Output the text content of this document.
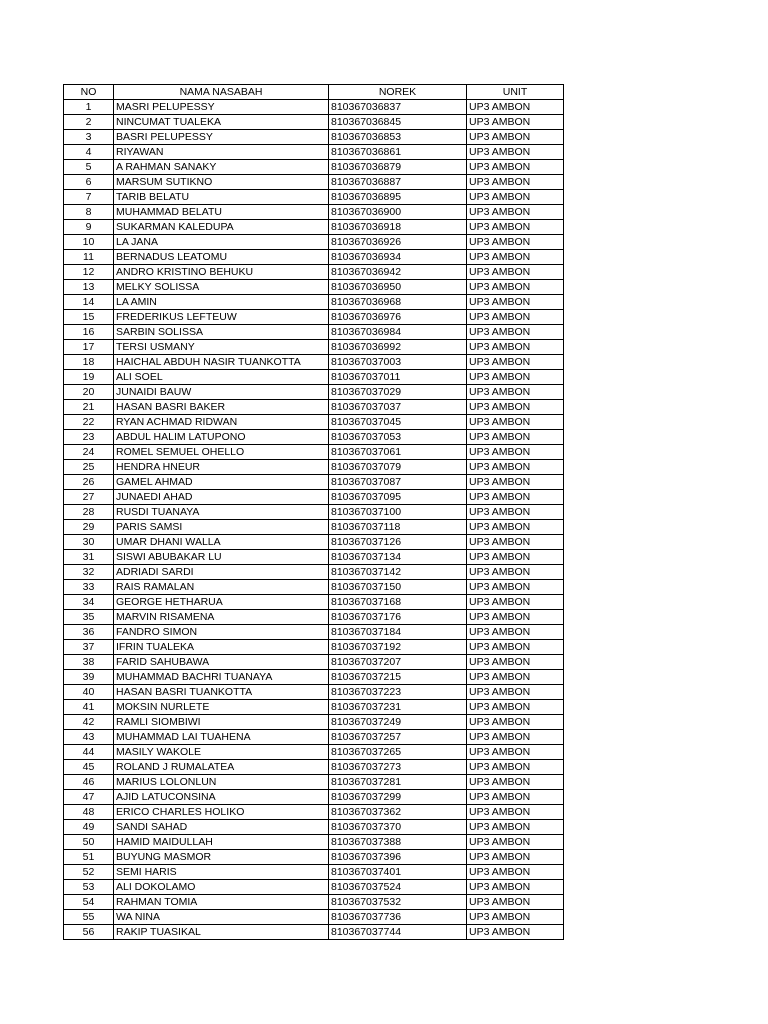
NO	NAMA NASABAH	NOREK	UNIT
1	MASRI PELUPESSY	810367036837	UP3 AMBON
2	NINCUMAT TUALEKA	810367036845	UP3 AMBON
3	BASRI PELUPESSY	810367036853	UP3 AMBON
4	RIYAWAN	810367036861	UP3 AMBON
5	A RAHMAN SANAKY	810367036879	UP3 AMBON
6	MARSUM SUTIKNO	810367036887	UP3 AMBON
7	TARIB BELATU	810367036895	UP3 AMBON
8	MUHAMMAD BELATU	810367036900	UP3 AMBON
9	SUKARMAN KALEDUPA	810367036918	UP3 AMBON
10	LA JANA	810367036926	UP3 AMBON
11	BERNADUS LEATOMU	810367036934	UP3 AMBON
12	ANDRO KRISTINO BEHUKU	810367036942	UP3 AMBON
13	MELKY SOLISSA	810367036950	UP3 AMBON
14	LA AMIN	810367036968	UP3 AMBON
15	FREDERIKUS LEFTEUW	810367036976	UP3 AMBON
16	SARBIN SOLISSA	810367036984	UP3 AMBON
17	TERSI USMANY	810367036992	UP3 AMBON
18	HAICHAL ABDUH NASIR TUANKOTTA	810367037003	UP3 AMBON
19	ALI SOEL	810367037011	UP3 AMBON
20	JUNAIDI BAUW	810367037029	UP3 AMBON
21	HASAN BASRI BAKER	810367037037	UP3 AMBON
22	RYAN ACHMAD RIDWAN	810367037045	UP3 AMBON
23	ABDUL HALIM LATUPONO	810367037053	UP3 AMBON
24	ROMEL SEMUEL OHELLO	810367037061	UP3 AMBON
25	HENDRA HNEUR	810367037079	UP3 AMBON
26	GAMEL AHMAD	810367037087	UP3 AMBON
27	JUNAEDI AHAD	810367037095	UP3 AMBON
28	RUSDI TUANAYA	810367037100	UP3 AMBON
29	PARIS SAMSI	810367037118	UP3 AMBON
30	UMAR DHANI WALLA	810367037126	UP3 AMBON
31	SISWI ABUBAKAR LU	810367037134	UP3 AMBON
32	ADRIADI SARDI	810367037142	UP3 AMBON
33	RAIS RAMALAN	810367037150	UP3 AMBON
34	GEORGE HETHARUA	810367037168	UP3 AMBON
35	MARVIN RISAMENA	810367037176	UP3 AMBON
36	FANDRO SIMON	810367037184	UP3 AMBON
37	IFRIN TUALEKA	810367037192	UP3 AMBON
38	FARID SAHUBAWA	810367037207	UP3 AMBON
39	MUHAMMAD BACHRI TUANAYA	810367037215	UP3 AMBON
40	HASAN BASRI TUANKOTTA	810367037223	UP3 AMBON
41	MOKSIN NURLETE	810367037231	UP3 AMBON
42	RAMLI SIOMBIWI	810367037249	UP3 AMBON
43	MUHAMMAD LAI TUAHENA	810367037257	UP3 AMBON
44	MASILY WAKOLE	810367037265	UP3 AMBON
45	ROLAND J RUMALATEA	810367037273	UP3 AMBON
46	MARIUS LOLONLUN	810367037281	UP3 AMBON
47	AJID LATUCONSINA	810367037299	UP3 AMBON
48	ERICO CHARLES HOLIKO	810367037362	UP3 AMBON
49	SANDI SAHAD	810367037370	UP3 AMBON
50	HAMID MAIDULLAH	810367037388	UP3 AMBON
51	BUYUNG MASMOR	810367037396	UP3 AMBON
52	SEMI HARIS	810367037401	UP3 AMBON
53	ALI DOKOLAMO	810367037524	UP3 AMBON
54	RAHMAN TOMIA	810367037532	UP3 AMBON
55	WA NINA	810367037736	UP3 AMBON
56	RAKIP TUASIKAL	810367037744	UP3 AMBON
